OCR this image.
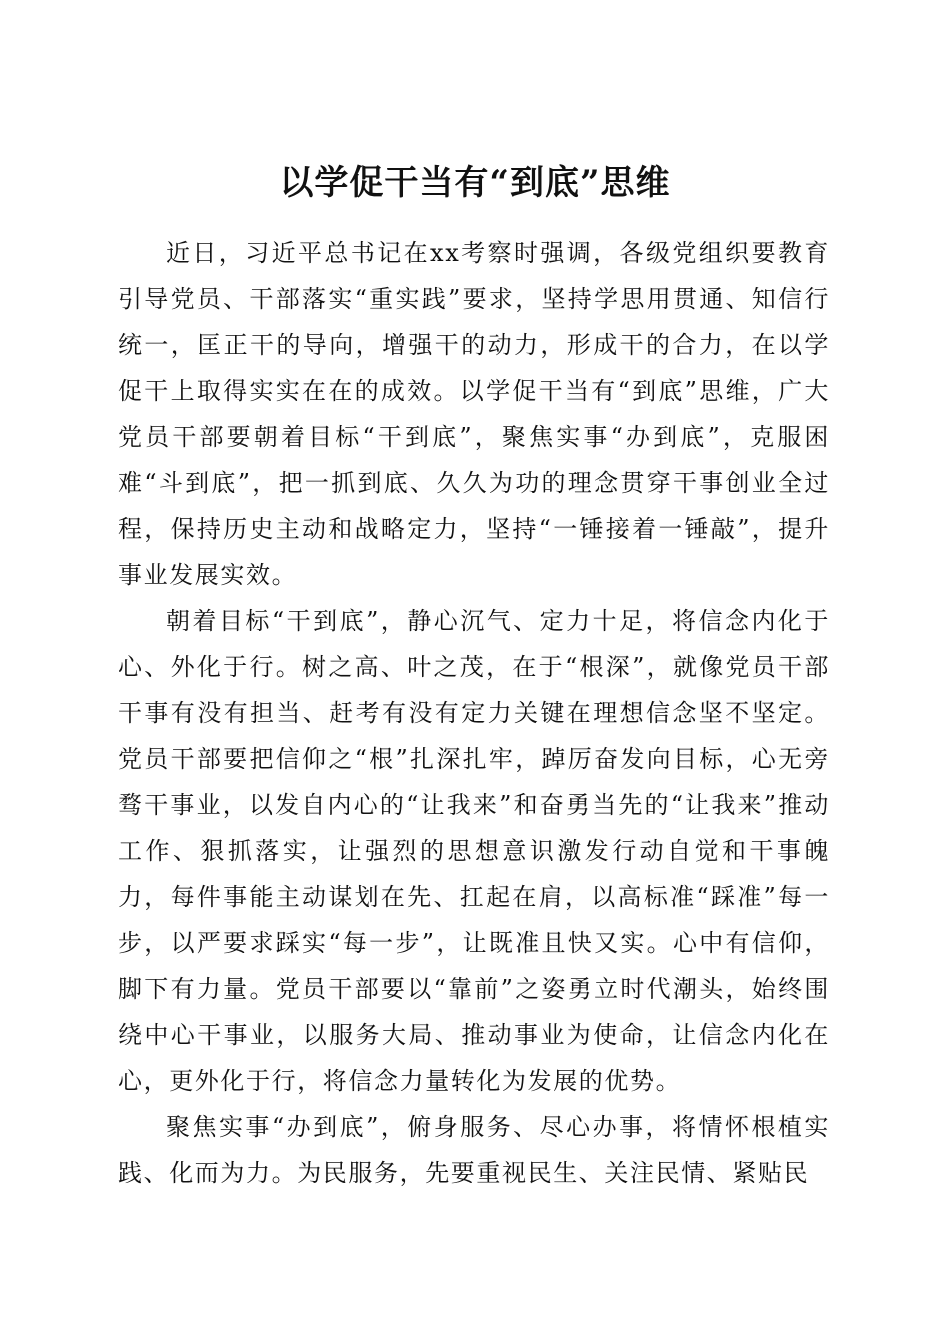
以学促干当有“到底”思维

近日，习近平总书记在xx考察时强调，各级党组织要教育引导党员、干部落实“重实践”要求，坚持学思用贯通、知信行统一，匡正干的导向，增强干的动力，形成干的合力，在以学促干上取得实实在在的成效。以学促干当有“到底”思维，广大党员干部要朝着目标“干到底”，聚焦实事“办到底”，克服困难“斗到底”，把一抓到底、久久为功的理念贯穿干事创业全过程，保持历史主动和战略定力，坚持“一锤接着一锤敲”，提升事业发展实效。

朝着目标“干到底”，静心沉气、定力十足，将信念内化于心、外化于行。树之高、叶之茂，在于“根深”，就像党员干部干事有没有担当、赶考有没有定力关键在理想信念坚不坚定。党员干部要把信仰之“根”扎深扎牢，踔厉奋发向目标，心无旁骛干事业，以发自内心的“让我来”和奋勇当先的“让我来”推动工作、狠抓落实，让强烈的思想意识激发行动自觉和干事魄力，每件事能主动谋划在先、扛起在肩，以高标准“踩准”每一步，以严要求踩实“每一步”，让既准且快又实。心中有信仰，脚下有力量。党员干部要以“靠前”之姿勇立时代潮头，始终围绕中心干事业，以服务大局、推动事业为使命，让信念内化在心，更外化于行，将信念力量转化为发展的优势。

聚焦实事“办到底”，俯身服务、尽心办事，将情怀根植实践、化而为力。为民服务，先要重视民生、关注民情、紧贴民
